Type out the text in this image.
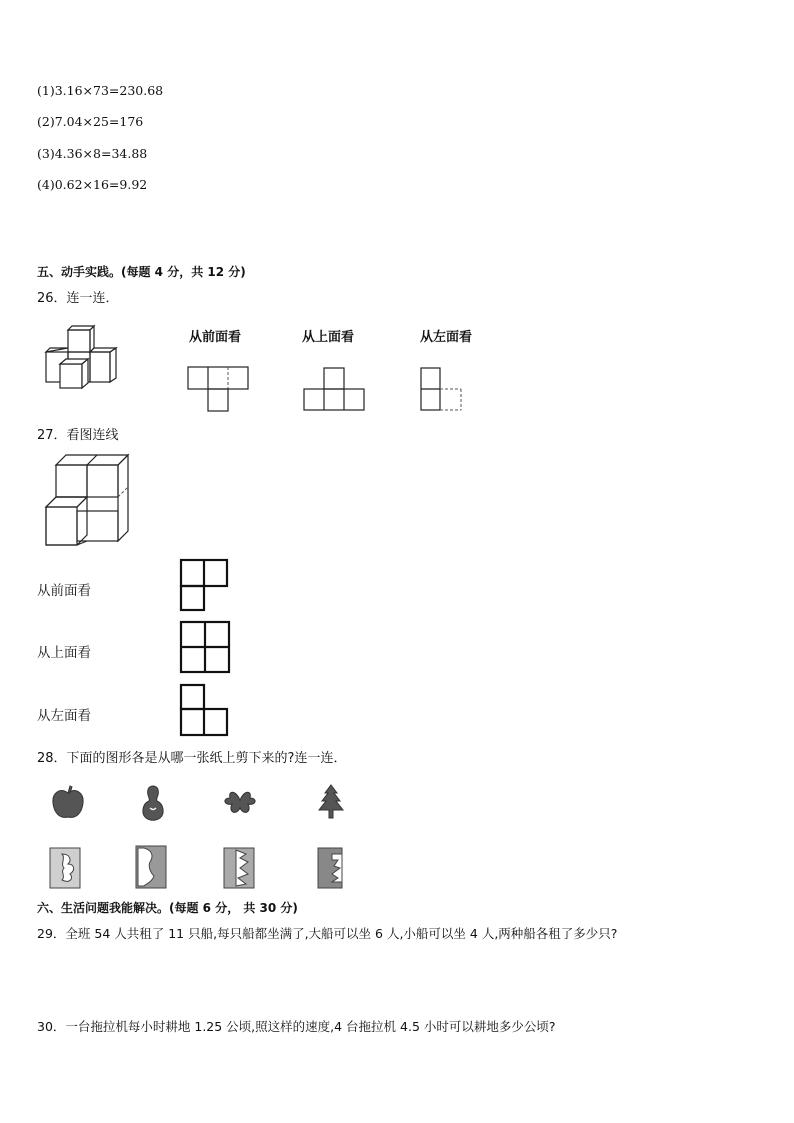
(1)3.16×73=230.68
(2)7.04×25=176
(3)4.36×8=34.88
(4)0.62×16=9.92
五、动手实践。(每题 4 分，共 12 分)
26．连一连．
从前面看	从上面看	从左面看
27．看图连线
从前面看
从上面看
从左面看
28．下面的图形各是从哪一张纸上剪下来的?连一连．
六、生活问题我能解决。(每题 6 分， 共 30 分)
29．全班 54 人共租了 11 只船,每只船都坐满了,大船可以坐 6 人,小船可以坐 4 人,两种船各租了多少只?
30．一台拖拉机每小时耕地 1.25 公顷,照这样的速度,4 台拖拉机 4.5 小时可以耕地多少公顷?
